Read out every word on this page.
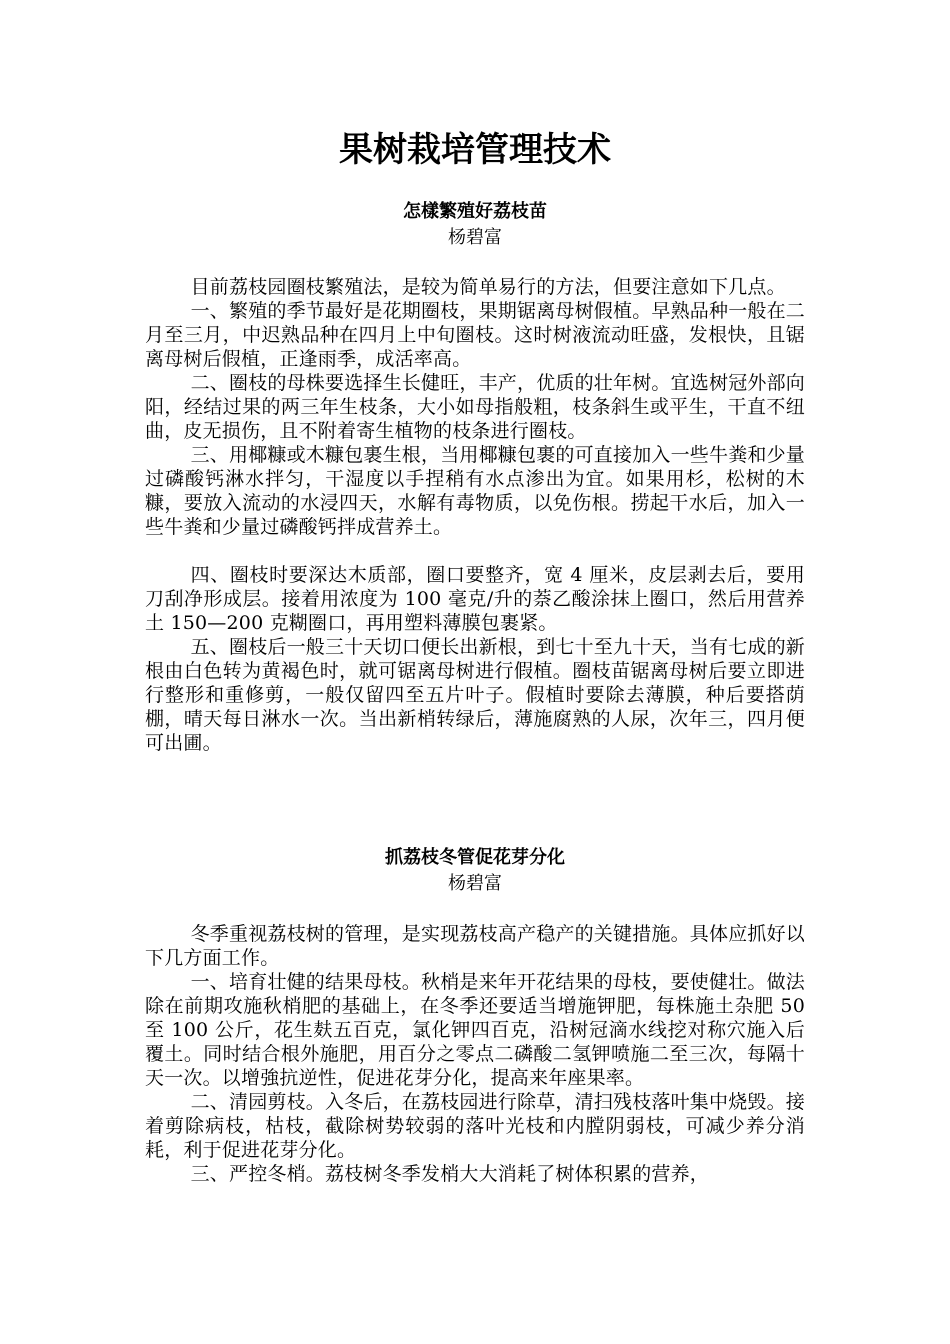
果树栽培管理技术
怎樣繁殖好荔枝苗
杨碧富

目前荔枝园圈枝繁殖法，是较为简单易行的方法，但要注意如下几点。

一、繁殖的季节最好是花期圈枝，果期锯离母树假植。早熟品种一般在二月至三月，中迟熟品种在四月上中旬圈枝。这时树液流动旺盛，发根快，且锯离母树后假植，正逢雨季，成活率高。

二、圈枝的母株要选择生长健旺，丰产，优质的壮年树。宜选树冠外部向阳，经结过果的两三年生枝条，大小如母指般粗，枝条斜生或平生，干直不纽曲，皮无损伤，且不附着寄生植物的枝条进行圈枝。

三、用椰糠或木糠包裹生根，当用椰糠包裹的可直接加入一些牛粪和少量过磷酸钙淋水拌匀，干湿度以手捏稍有水点渗出为宜。如果用杉，松树的木糠，要放入流动的水浸四天，水解有毒物质，以免伤根。捞起干水后，加入一些牛粪和少量过磷酸钙拌成营养土。

四、圈枝时要深达木质部，圈口要整齐，宽 4 厘米，皮层剥去后，要用刀刮净形成层。接着用浓度为 100 毫克/升的萘乙酸涂抹上圈口，然后用营养土 150—200 克糊圈口，再用塑料薄膜包裹紧。

五、圈枝后一般三十天切口便长出新根，到七十至九十天，当有七成的新根由白色转为黄褐色时，就可锯离母树进行假植。圈枝苗锯离母树后要立即进行整形和重修剪，一般仅留四至五片叶子。假植时要除去薄膜，种后要搭荫棚，晴天每日淋水一次。当出新梢转绿后，薄施腐熟的人尿，次年三，四月便可出圃。

抓荔枝冬管促花芽分化
杨碧富

冬季重视荔枝树的管理，是实现荔枝高产稳产的关键措施。具体应抓好以下几方面工作。

一、培育壮健的结果母枝。秋梢是来年开花结果的母枝，要使健壮。做法除在前期攻施秋梢肥的基础上，在冬季还要适当增施钾肥，每株施土杂肥 50 至 100 公斤，花生麸五百克，氯化钾四百克，沿树冠滴水线挖对称穴施入后覆土。同时结合根外施肥，用百分之零点二磷酸二氢钾喷施二至三次，每隔十天一次。以增強抗逆性，促进花芽分化，提高来年座果率。

二、清园剪枝。入冬后，在荔枝园进行除草，清扫残枝落叶集中烧毁。接着剪除病枝，枯枝，截除树势较弱的落叶光枝和内膛阴弱枝，可减少养分消耗，利于促进花芽分化。

三、严控冬梢。荔枝树冬季发梢大大消耗了树体积累的营养，
